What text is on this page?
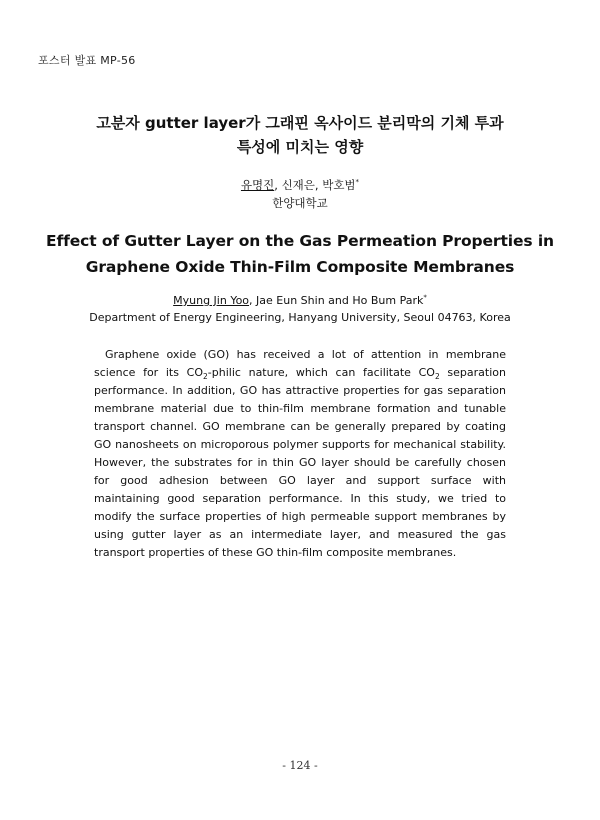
포스터 발표 MP-56
고분자 gutter layer가 그래핀 옥사이드 분리막의 기체 투과
특성에 미치는 영향
유명진, 신재은, 박호범*
한양대학교
Effect of Gutter Layer on the Gas Permeation Properties in
Graphene Oxide Thin-Film Composite Membranes
Myung Jin Yoo, Jae Eun Shin and Ho Bum Park*
Department of Energy Engineering, Hanyang University, Seoul 04763, Korea

Graphene oxide (GO) has received a lot of attention in membrane science for its $CO_2$-philic nature, which can facilitate $CO_2$ separation performance. In addition, GO has attractive properties for gas separation membrane material due to thin-film membrane formation and tunable transport channel. GO membrane can be generally prepared by coating GO nanosheets on microporous polymer supports for mechanical stability. However, the substrates for in thin GO layer should be carefully chosen for good adhesion between GO layer and support surface with maintaining good separation performance. In this study, we tried to modify the surface properties of high permeable support membranes by using gutter layer as an intermediate layer, and measured the gas transport properties of these GO thin-film composite membranes.

- 124 -
